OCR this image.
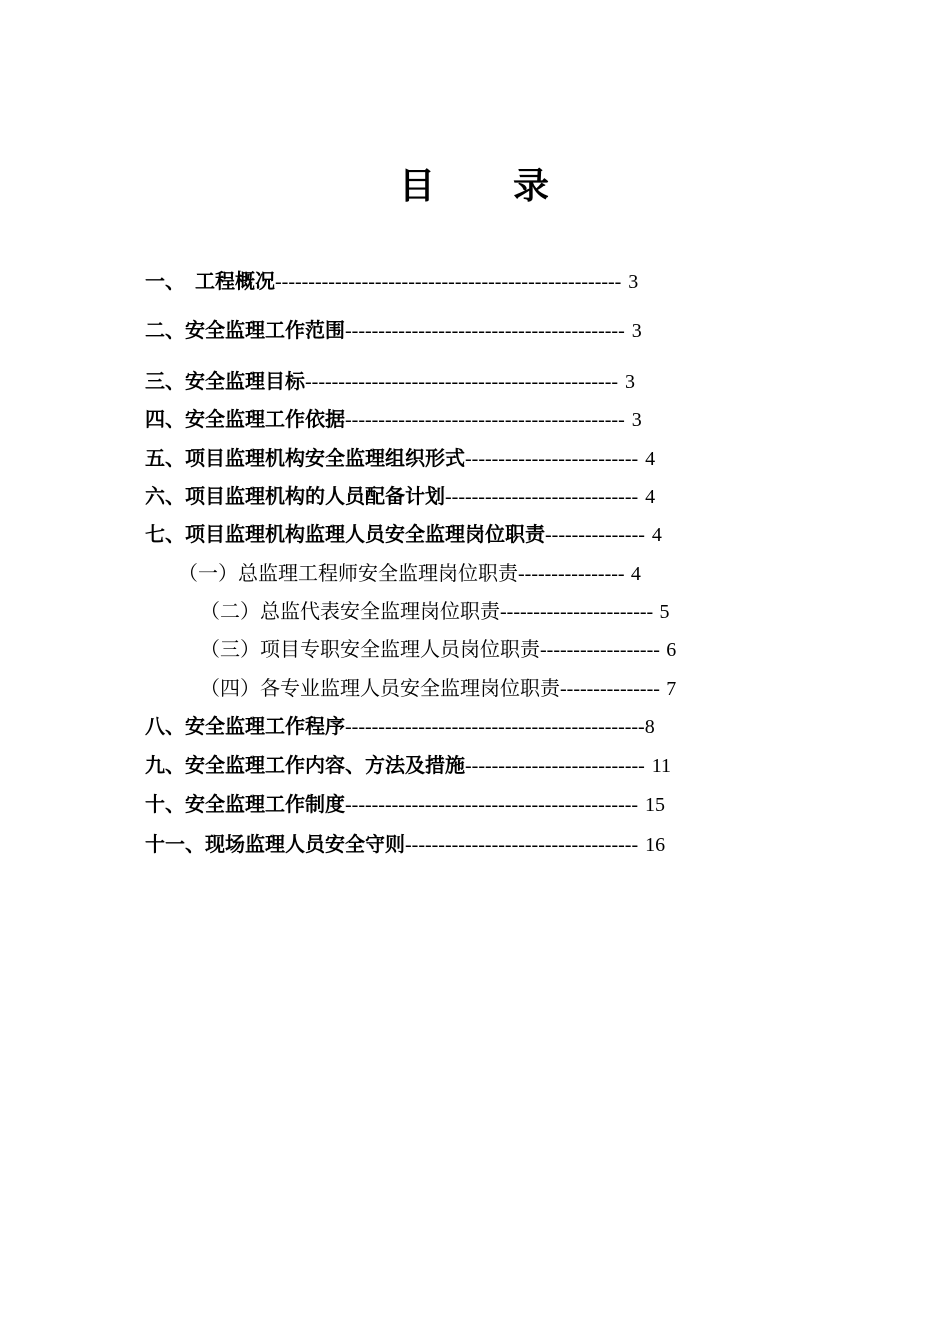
目　　录
一、　工程概况---------------------------------------------------- 3
二、安全监理工作范围------------------------------------------ 3
三、安全监理目标----------------------------------------------- 3
四、安全监理工作依据------------------------------------------ 3
五、项目监理机构安全监理组织形式-------------------------- 4
六、项目监理机构的人员配备计划----------------------------- 4
七、项目监理机构监理人员安全监理岗位职责--------------- 4
（一）总监理工程师安全监理岗位职责---------------- 4
（二）总监代表安全监理岗位职责----------------------- 5
（三）项目专职安全监理人员岗位职责------------------ 6
（四）各专业监理人员安全监理岗位职责--------------- 7
八、安全监理工作程序---------------------------------------------8
九、安全监理工作内容、方法及措施--------------------------- 11
十、安全监理工作制度-------------------------------------------- 15
十一、现场监理人员安全守则----------------------------------- 16
